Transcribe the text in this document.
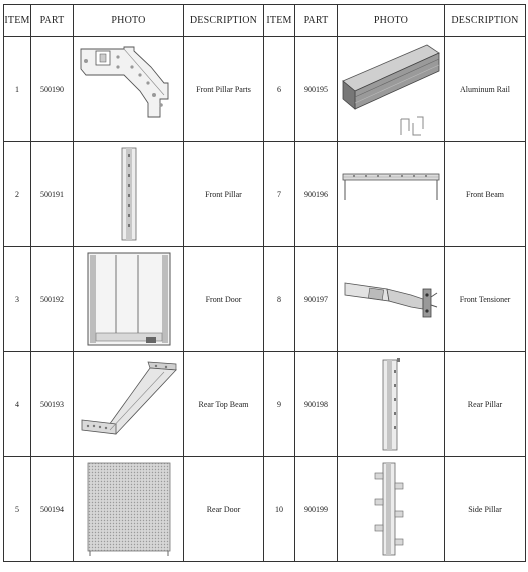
ITEM	PART	PHOTO	DESCRIPTION	ITEM	PART	PHOTO	DESCRIPTION
1	500190		Front Pillar Parts	6	900195		Aluminum Rail
2	500191		Front Pillar	7	900196		Front Beam
3	500192		Front Door	8	900197		Front Tensioner
4	500193		Rear Top Beam	9	900198		Rear Pillar
5	500194		Rear Door	10	900199		Side Pillar
